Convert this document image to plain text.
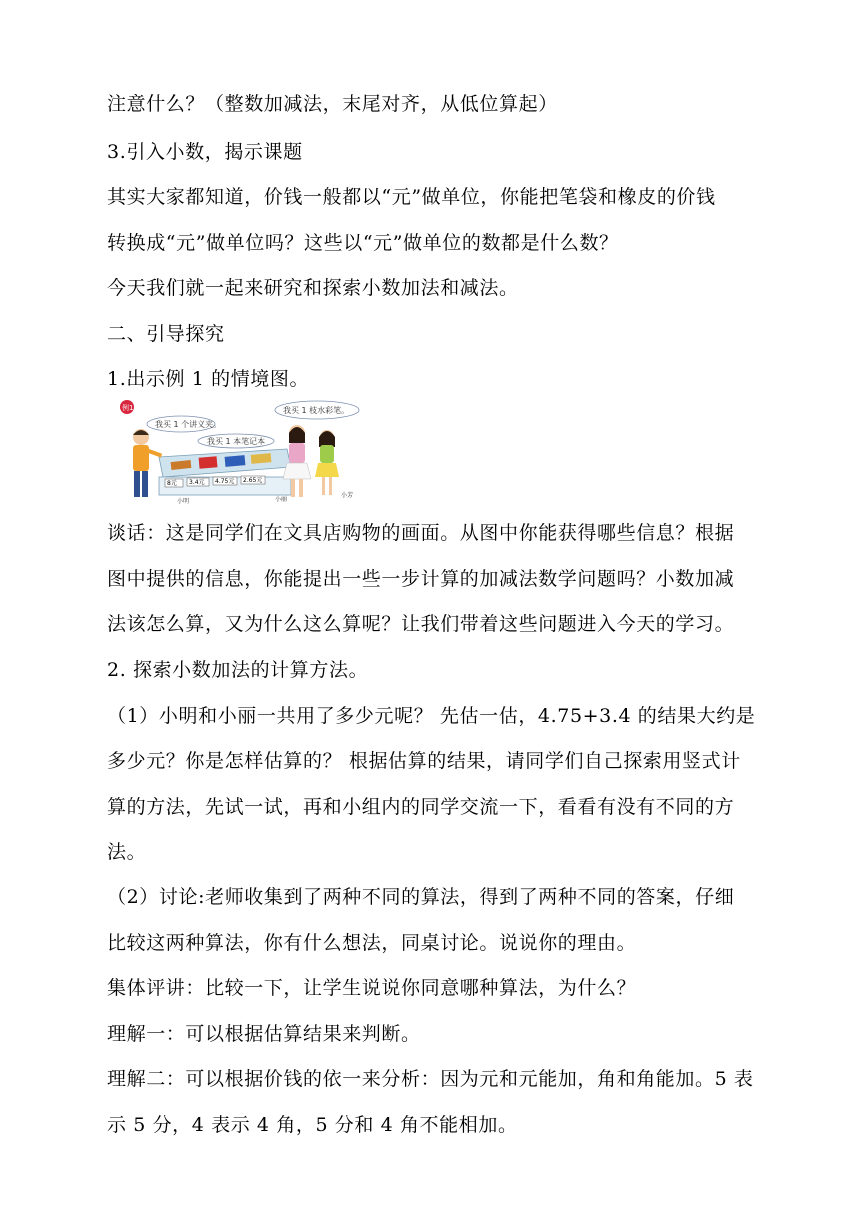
注意什么？（整数加减法，末尾对齐，从低位算起）
3.引入小数，揭示课题
其实大家都知道，价钱一般都以“元”做单位，你能把笔袋和橡皮的价钱
转换成“元”做单位吗？这些以“元”做单位的数都是什么数？
今天我们就一起来研究和探索小数加法和减法。
二、引导探究
1.出示例 1 的情境图。
例1
我买 1 个讲义夹。
我买 1 本笔记本
我买 1 枝水彩笔。
8元 3.4元 4.75元 2.65元
小明	小丽
小芳
谈话：这是同学们在文具店购物的画面。从图中你能获得哪些信息？根据
图中提供的信息，你能提出一些一步计算的加减法数学问题吗？小数加减
法该怎么算，又为什么这么算呢？让我们带着这些问题进入今天的学习。
2. 探索小数加法的计算方法。
（1）小明和小丽一共用了多少元呢？ 先估一估，4.75+3.4 的结果大约是
多少元？你是怎样估算的？ 根据估算的结果，请同学们自己探索用竖式计
算的方法，先试一试，再和小组内的同学交流一下，看看有没有不同的方
法。
（2）讨论:老师收集到了两种不同的算法，得到了两种不同的答案，仔细
比较这两种算法，你有什么想法，同桌讨论。说说你的理由。
集体评讲：比较一下，让学生说说你同意哪种算法，为什么？
理解一：可以根据估算结果来判断。
理解二：可以根据价钱的依一来分析：因为元和元能加，角和角能加。5 表
示 5 分，4 表示 4 角，5 分和 4 角不能相加。
